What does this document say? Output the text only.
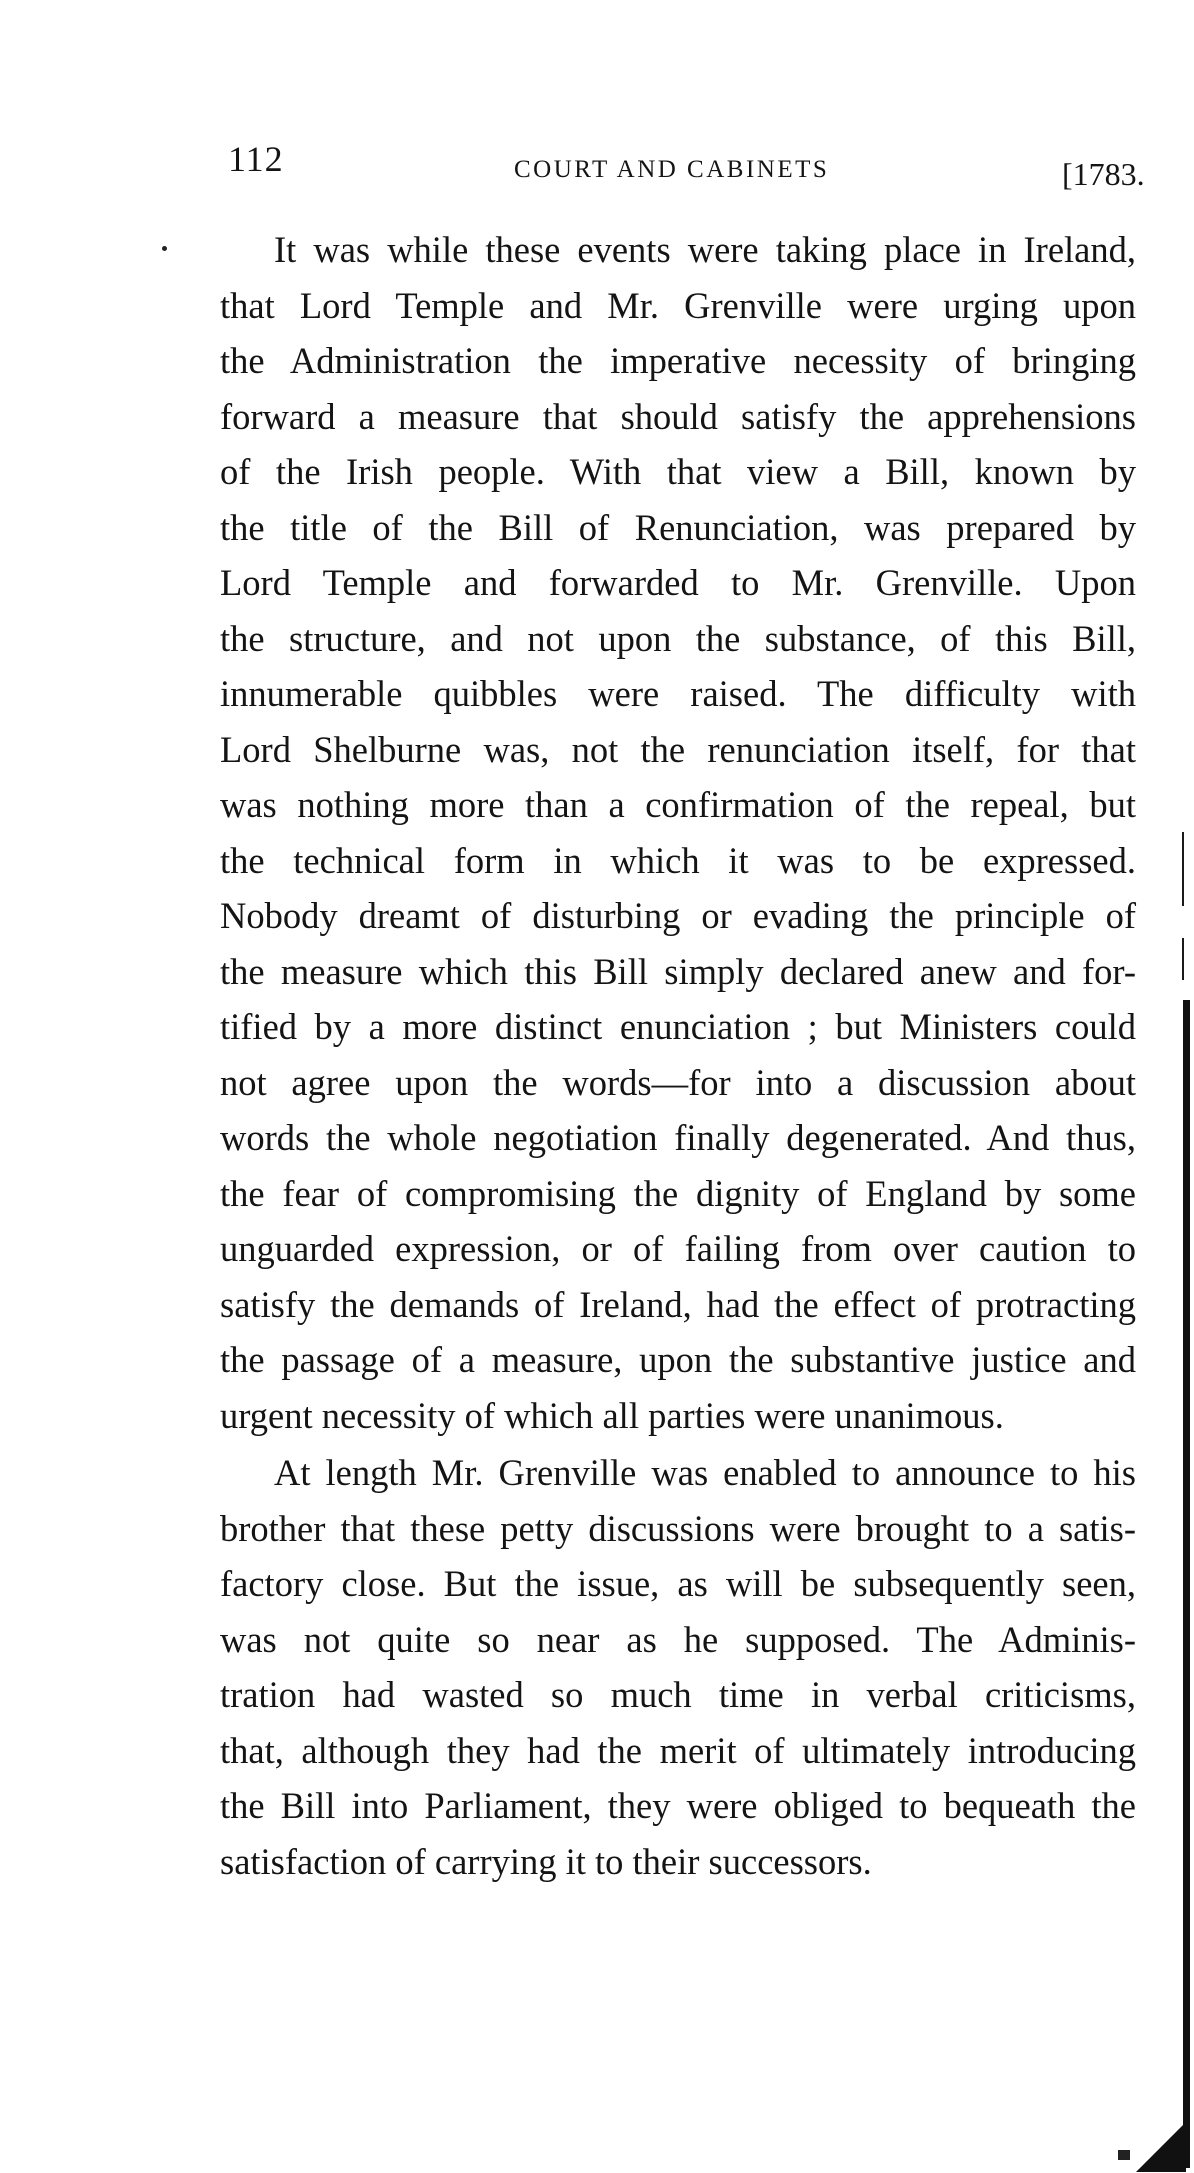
112	COURT AND CABINETS	[1783.
It was while these events were taking place in Ireland,
that Lord Temple and Mr. Grenville were urging upon
the Administration the imperative necessity of bringing
forward a measure that should satisfy the apprehensions
of the Irish people. With that view a Bill, known by
the title of the Bill of Renunciation, was prepared by
Lord Temple and forwarded to Mr. Grenville. Upon
the structure, and not upon the substance, of this Bill,
innumerable quibbles were raised. The difficulty with
Lord Shelburne was, not the renunciation itself, for that
was nothing more than a confirmation of the repeal, but
the technical form in which it was to be expressed.
Nobody dreamt of disturbing or evading the principle of
the measure which this Bill simply declared anew and for-
tified by a more distinct enunciation ; but Ministers could
not agree upon the words—for into a discussion about
words the whole negotiation finally degenerated. And thus,
the fear of compromising the dignity of England by some
unguarded expression, or of failing from over caution to
satisfy the demands of Ireland, had the effect of protracting
the passage of a measure, upon the substantive justice and
urgent necessity of which all parties were unanimous.
At length Mr. Grenville was enabled to announce to his
brother that these petty discussions were brought to a satis-
factory close. But the issue, as will be subsequently seen,
was not quite so near as he supposed. The Adminis-
tration had wasted so much time in verbal criticisms,
that, although they had the merit of ultimately introducing
the Bill into Parliament, they were obliged to bequeath the
satisfaction of carrying it to their successors.
